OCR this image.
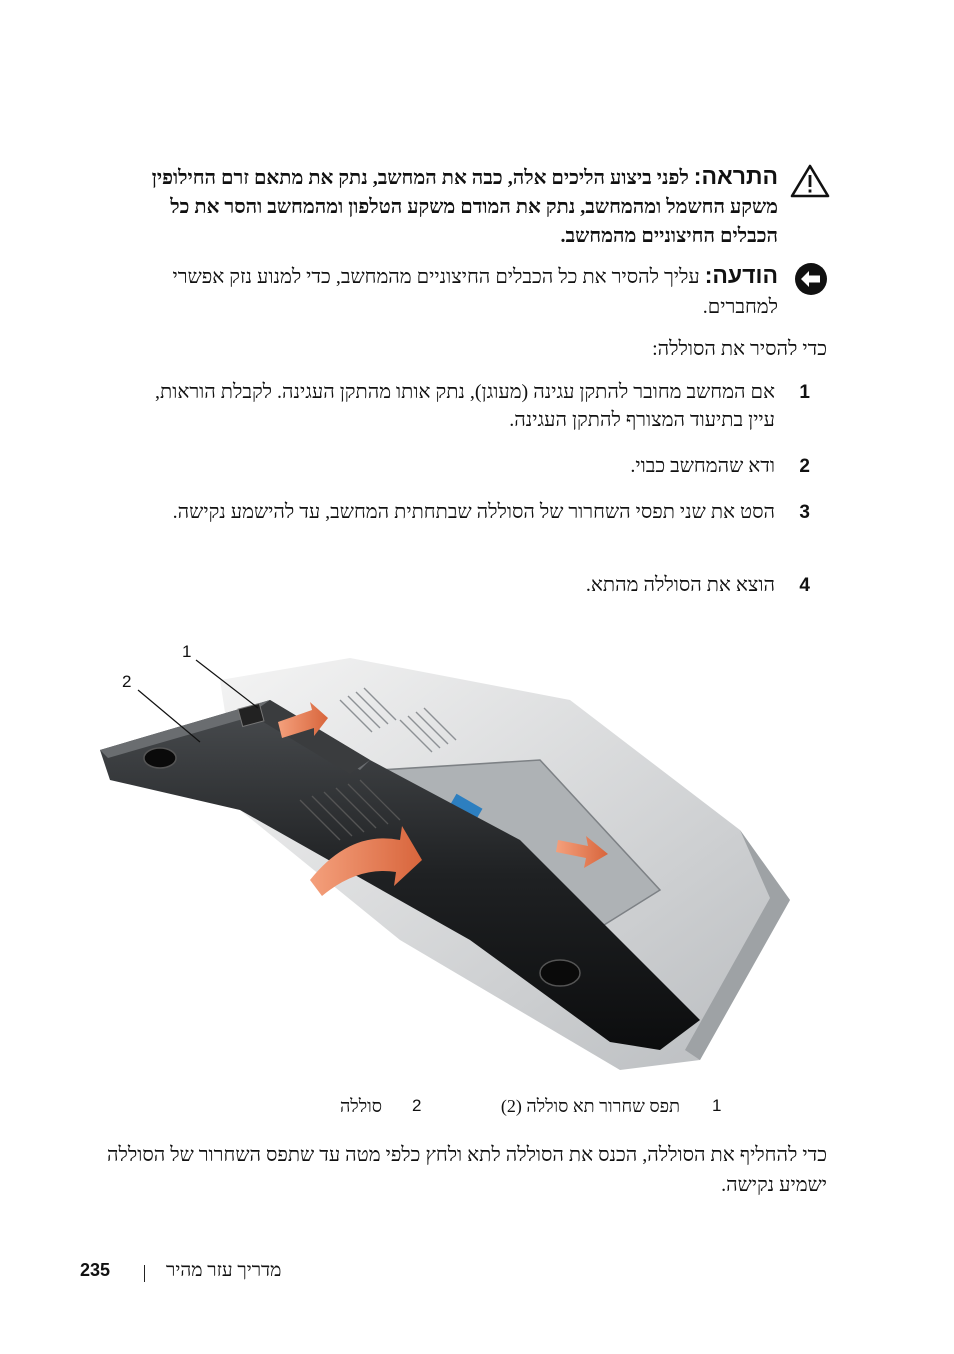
התראה: לפני ביצוע הליכים אלה, כבה את המחשב, נתק את מתאם זרם החילופין משקע החשמל ומהמחשב, נתק את המודם משקע הטלפון ומהמחשב והסר את כל הכבלים החיצוניים מהמחשב.
הודעה: עליך להסיר את כל הכבלים החיצוניים מהמחשב, כדי למנוע נזק אפשרי למחברים.
כדי להסיר את הסוללה:
1
אם המחשב מחובר להתקן עגינה (מעוגן), נתק אותו מהתקן העגינה. לקבלת הוראות, עיין בתיעוד המצורף להתקן העגינה.
2
ודא שהמחשב כבוי.
3
הסט את שני תפסי השחרור של הסוללה שבתחתית המחשב, עד להישמע נקישה.
4
הוצא את הסוללה מהתא.
1
2
1
תפס שחרור תא סוללה (2)
2
סוללה
כדי להחליף את הסוללה, הכנס את הסוללה לתא ולחץ כלפי מטה עד שתפס השחרור של הסוללה ישמיע נקישה.
235	מדריך עזר מהיר
